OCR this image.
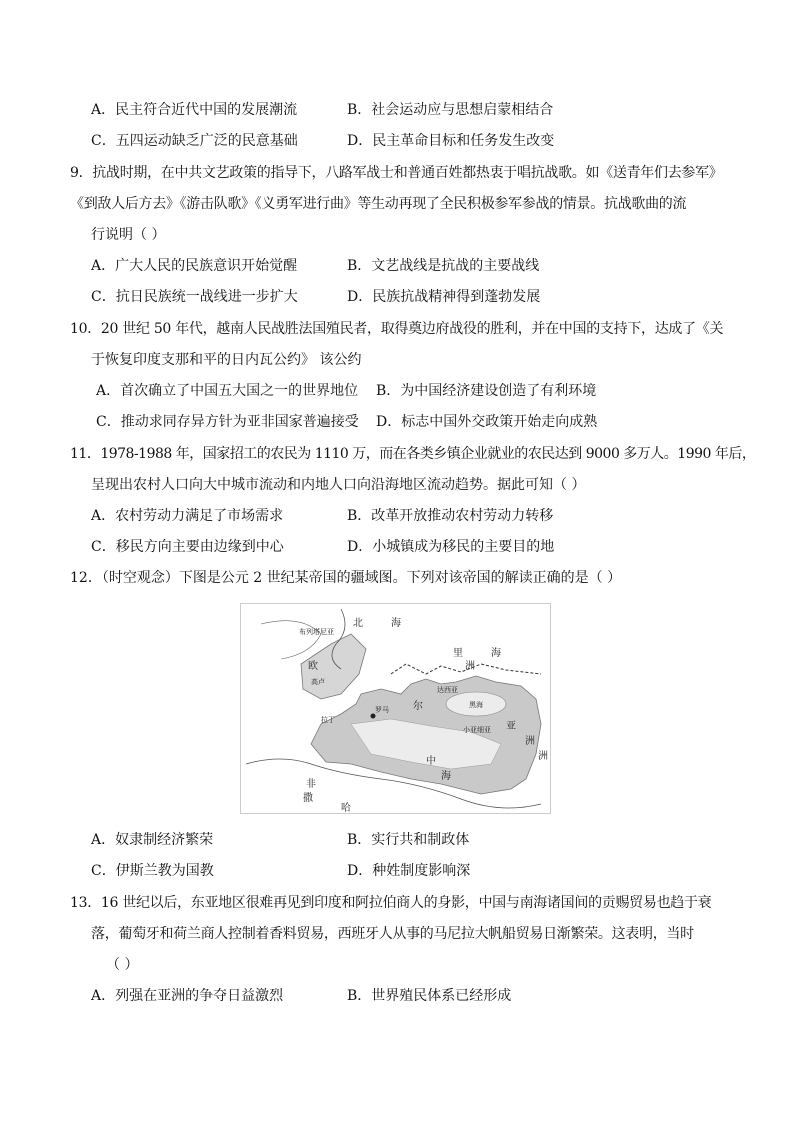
A．民主符合近代中国的发展潮流	B．社会运动应与思想启蒙相结合
C．五四运动缺乏广泛的民意基础	D．民主革命目标和任务发生改变
9．抗战时期，在中共文艺政策的指导下，八路军战士和普通百姓都热衷于唱抗战歌。如《送青年们去参军》
《到敌人后方去》《游击队歌》《义勇军进行曲》等生动再现了全民积极参军参战的情景。抗战歌曲的流
行说明（ ）
A．广大人民的民族意识开始觉醒	B．文艺战线是抗战的主要战线
C．抗日民族统一战线进一步扩大	D．民族抗战精神得到蓬勃发展
10．20 世纪 50 年代，越南人民战胜法国殖民者，取得奠边府战役的胜利，并在中国的支持下，达成了《关
于恢复印度支那和平的日内瓦公约》 该公约
A．首次确立了中国五大国之一的世界地位 B．为中国经济建设创造了有利环境
C．推动求同存异方针为亚非国家普遍接受 D．标志中国外交政策开始走向成熟
11．1978-1988 年，国家招工的农民为 1110 万，而在各类乡镇企业就业的农民达到 9000 多万人。1990 年后，
呈现出农村人口向大中城市流动和内地人口向沿海地区流动趋势。据此可知（ ）
A．农村劳动力满足了市场需求	B．改革开放推动农村劳动力转移
C．移民方向主要由边缘到中心	D．小城镇成为移民的主要目的地
12．（时空观念）下图是公元 2 世纪某帝国的疆域图。下列对该帝国的解读正确的是（ ）
北	海
欧	洲
罗马
非
洲
撒
哈
里	海
中
海
亚
洲
小亚细亚
黑海
尔
达西亚
拉丁
布列塔尼亚
高卢
A．奴隶制经济繁荣	B．实行共和制政体
C．伊斯兰教为国教	D．种姓制度影响深
13．16 世纪以后，东亚地区很难再见到印度和阿拉伯商人的身影，中国与南海诸国间的贡赐贸易也趋于衰
落，葡萄牙和荷兰商人控制着香料贸易，西班牙人从事的马尼拉大帆船贸易日渐繁荣。这表明，当时
（ ）
A．列强在亚洲的争夺日益激烈	B．世界殖民体系已经形成
